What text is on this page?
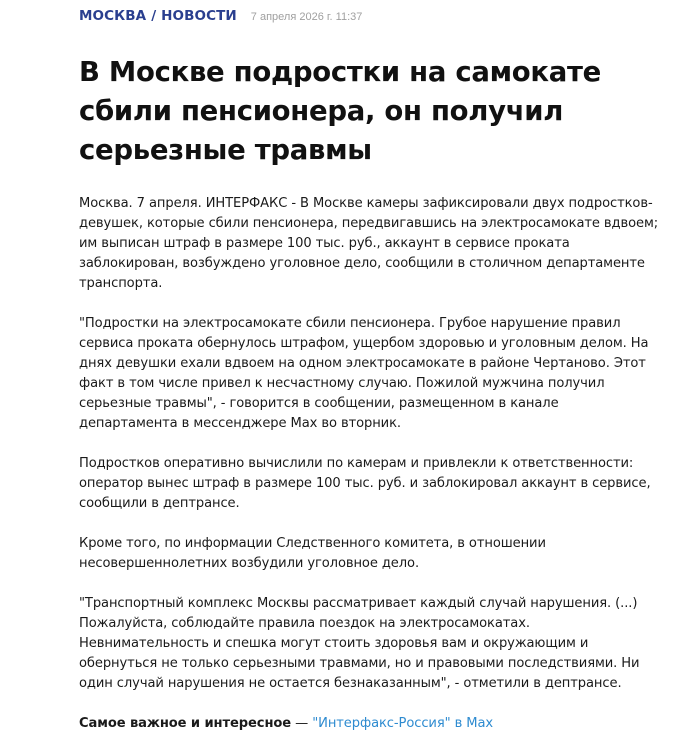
МОСКВА / НОВОСТИ 7 апреля 2026 г. 11:37
В Москве подростки на самокате сбили пенсионера, он получил серьезные травмы

Москва. 7 апреля. ИНТЕРФАКС - В Москве камеры зафиксировали двух подростков-девушек, которые сбили пенсионера, передвигавшись на электросамокате вдвоем; им выписан штраф в размере 100 тыс. руб., аккаунт в сервисе проката заблокирован, возбуждено уголовное дело, сообщили в столичном департаменте транспорта.

"Подростки на электросамокате сбили пенсионера. Грубое нарушение правил сервиса проката обернулось штрафом, ущербом здоровью и уголовным делом. На днях девушки ехали вдвоем на одном электросамокате в районе Чертаново. Этот факт в том числе привел к несчастному случаю. Пожилой мужчина получил серьезные травмы", - говорится в сообщении, размещенном в канале департамента в мессенджере Max во вторник.

Подростков оперативно вычислили по камерам и привлекли к ответственности: оператор вынес штраф в размере 100 тыс. руб. и заблокировал аккаунт в сервисе, сообщили в дептрансе.

Кроме того, по информации Следственного комитета, в отношении несовершеннолетних возбудили уголовное дело.

"Транспортный комплекс Москвы рассматривает каждый случай нарушения. (...) Пожалуйста, соблюдайте правила поездок на электросамокатах. Невнимательность и спешка могут стоить здоровья вам и окружающим и обернуться не только серьезными травмами, но и правовыми последствиями. Ни один случай нарушения не остается безнаказанным", - отметили в дептрансе.

Самое важное и интересное — "Интерфакс-Россия" в Max
